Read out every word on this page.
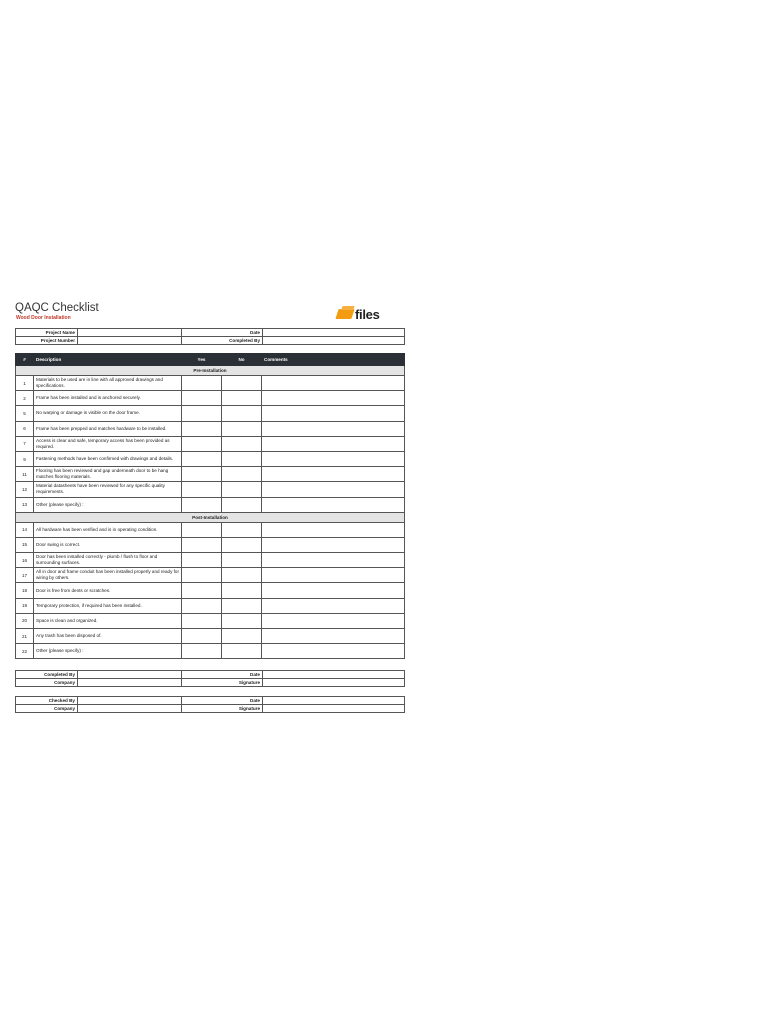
QAQC Checklist
Wood Door Installation	files
Project Name		Date	
Project Number		Completed By	
#	Description	Yes	No	Comments
Pre-Installation				
1	Materials to be used are in line with all approved drawings and specifications.			
2	Frame has been installed and is anchored securely.			
5	No warping or damage is visible on the door frame.			
6	Frame has been prepped and matches hardware to be installed.			
7	Access is clear and safe, temporary access has been provided as required.			
9	Fastening methods have been confirmed with drawings and details.			
11	Flooring has been reviewed and gap underneath door to be hang matches flooring materials.			
12	Material datasheets have been reviewed for any specific quality requirements.			
13	Other (please specify) :			
Post-Installation				
14	All hardware has been verified and is in operating condition.			
15	Door swing is correct.			
16	Door has been installed correctly - plumb / flush to floor and surrounding surfaces.			
17	All in door and frame conduit has been installed properly and ready for wiring by others.			
18	Door is free from dents or scratches.			
19	Temporary protection, if required has been installed.			
20	Space is clean and organized.			
21	Any trash has been disposed of.			
22	Other (please specify) :			
Completed By		Date	
Company		Signature	
Checked By		Date	
Company		Signature	
